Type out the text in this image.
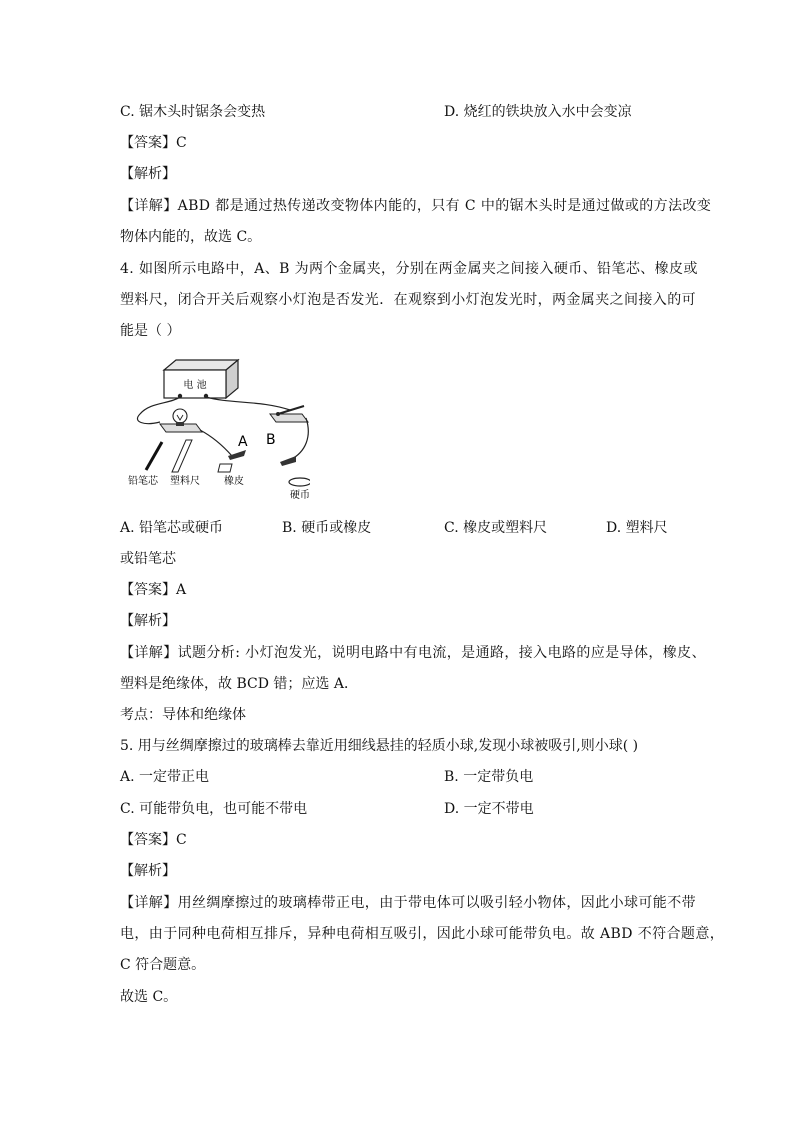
C. 锯木头时锯条会变热	D. 烧红的铁块放入水中会变凉
【答案】C
【解析】
【详解】ABD 都是通过热传递改变物体内能的，只有 C 中的锯木头时是通过做或的方法改变
物体内能的，故选 C。
4. 如图所示电路中，A、B 为两个金属夹，分别在两金属夹之间接入硬币、铅笔芯、橡皮或
塑料尺，闭合开关后观察小灯泡是否发光．在观察到小灯泡发光时，两金属夹之间接入的可
能是（ ）
电 池
A B
铅笔芯 塑料尺 橡皮
硬币
A. 铅笔芯或硬币	B. 硬币或橡皮	C. 橡皮或塑料尺	D. 塑料尺
或铅笔芯
【答案】A
【解析】
【详解】试题分析: 小灯泡发光，说明电路中有电流，是通路，接入电路的应是导体，橡皮、
塑料是绝缘体，故 BCD 错；应选 A．
考点：导体和绝缘体
5. 用与丝绸摩擦过的玻璃棒去靠近用细线悬挂的轻质小球,发现小球被吸引,则小球( )
A. 一定带正电	B. 一定带负电
C. 可能带负电，也可能不带电	D. 一定不带电
【答案】C
【解析】
【详解】用丝绸摩擦过的玻璃棒带正电，由于带电体可以吸引轻小物体，因此小球可能不带
电，由于同种电荷相互排斥，异种电荷相互吸引，因此小球可能带负电。故 ABD 不符合题意，
C 符合题意。
故选 C。
